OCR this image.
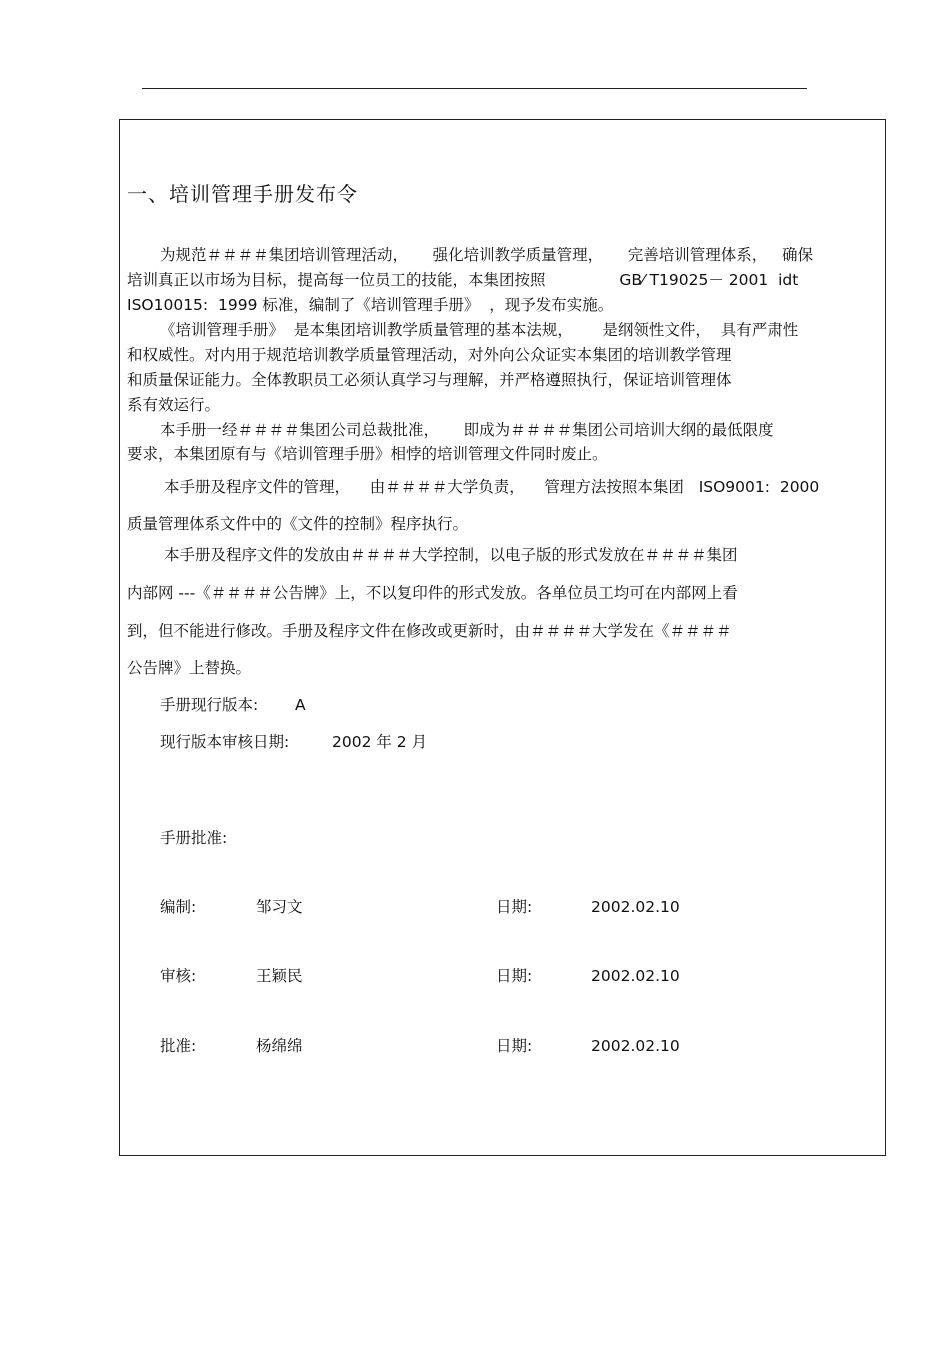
一、培训管理手册发布令
为规范＃＃＃＃集团培训管理活动，     强化培训教学质量管理，     完善培训管理体系，   确保
培训真正以市场为目标，提高每一位员工的技能，本集团按照               GB⁄ T19025－ 2001  idt
ISO10015:  1999 标准，编制了《培训管理手册》  ，现予发布实施。
《培训管理手册》  是本集团培训教学质量管理的基本法规，      是纲领性文件，  具有严肃性
和权威性。对内用于规范培训教学质量管理活动，对外向公众证实本集团的培训教学管理
和质量保证能力。全体教职员工必须认真学习与理解，并严格遵照执行，保证培训管理体
系有效运行。
本手册一经＃＃＃＃集团公司总裁批准，     即成为＃＃＃＃集团公司培训大纲的最低限度
要求，本集团原有与《培训管理手册》相悖的培训管理文件同时废止。
本手册及程序文件的管理，    由＃＃＃＃大学负责，    管理方法按照本集团   ISO9001:  2000
质量管理体系文件中的《文件的控制》程序执行。
本手册及程序文件的发放由＃＃＃＃大学控制，以电子版的形式发放在＃＃＃＃集团
内部网 ---《＃＃＃＃公告牌》上，不以复印件的形式发放。各单位员工均可在内部网上看
到，但不能进行修改。手册及程序文件在修改或更新时，由＃＃＃＃大学发在《＃＃＃＃
公告牌》上替换。
手册现行版本: A
现行版本审核日期:	2002 年 2 月
手册批准:
编制:	邹习文	日期:	2002.02.10
审核:	王颖民	日期:	2002.02.10
批准:	杨绵绵	日期:	2002.02.10
